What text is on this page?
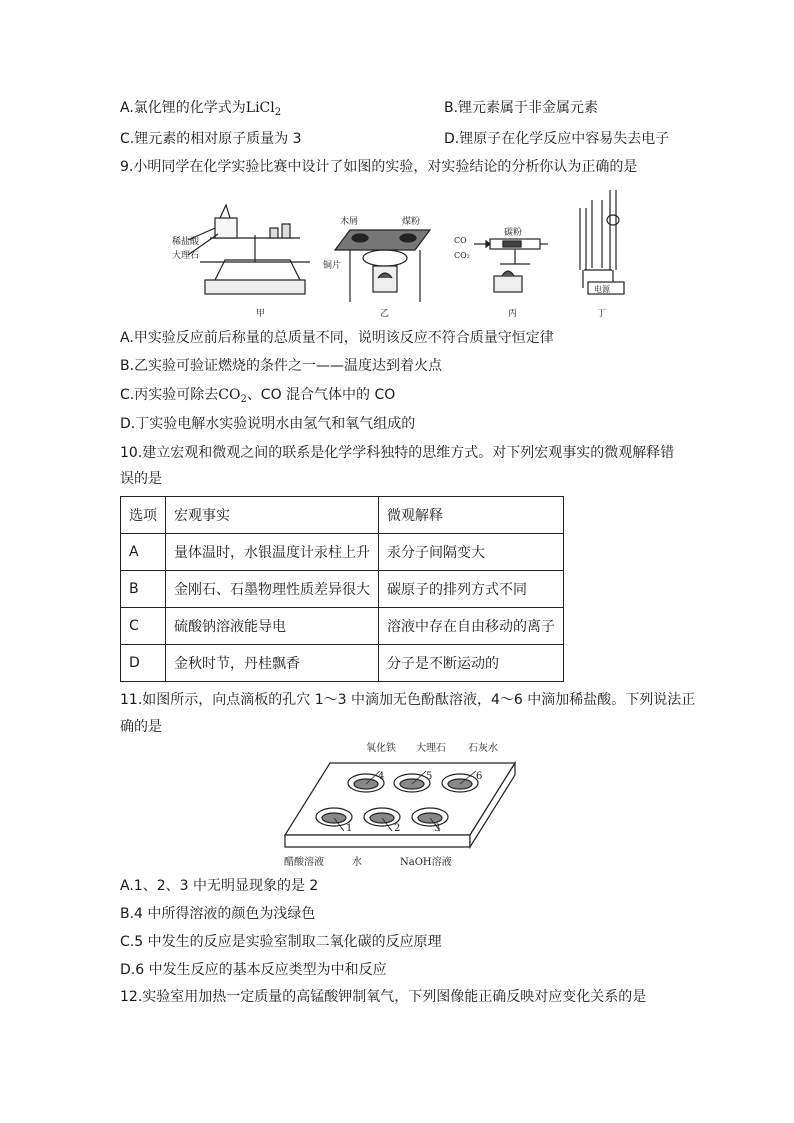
A.氯化锂的化学式为LiCl$_2$	B.锂元素属于非金属元素
C.锂元素的相对原子质量为 3	D.锂原子在化学反应中容易失去电子
9.小明同学在化学实验比赛中设计了如图的实验，对实验结论的分析你认为正确的是
稀盐酸
大理石
甲
木屑	煤粉
铜片
乙
碳粉
CO
CO₂
丙
电源
丁
A.甲实验反应前后称量的总质量不同，说明该反应不符合质量守恒定律
B.乙实验可验证燃烧的条件之一——温度达到着火点
C.丙实验可除去$CO_2$、CO 混合气体中的 CO
D.丁实验电解水实验说明水由氢气和氧气组成的
10.建立宏观和微观之间的联系是化学学科独特的思维方式。对下列宏观事实的微观解释错
误的是
选项	宏观事实	微观解释
A	量体温时，水银温度计汞柱上升	汞分子间隔变大
B	金刚石、石墨物理性质差异很大	碳原子的排列方式不同
C	硫酸钠溶液能导电	溶液中存在自由移动的离子
D	金秋时节，丹桂飘香	分子是不断运动的
11.如图所示，向点滴板的孔穴 1～3 中滴加无色酚酞溶液，4～6 中滴加稀盐酸。下列说法正
确的是
氧化铁 大理石 石灰水
4	5	6
1	2	3
醋酸溶液	水	NaOH溶液
A.1、2、3 中无明显现象的是 2
B.4 中所得溶液的颜色为浅绿色
C.5 中发生的反应是实验室制取二氧化碳的反应原理
D.6 中发生反应的基本反应类型为中和反应
12.实验室用加热一定质量的高锰酸钾制氧气，下列图像能正确反映对应变化关系的是
